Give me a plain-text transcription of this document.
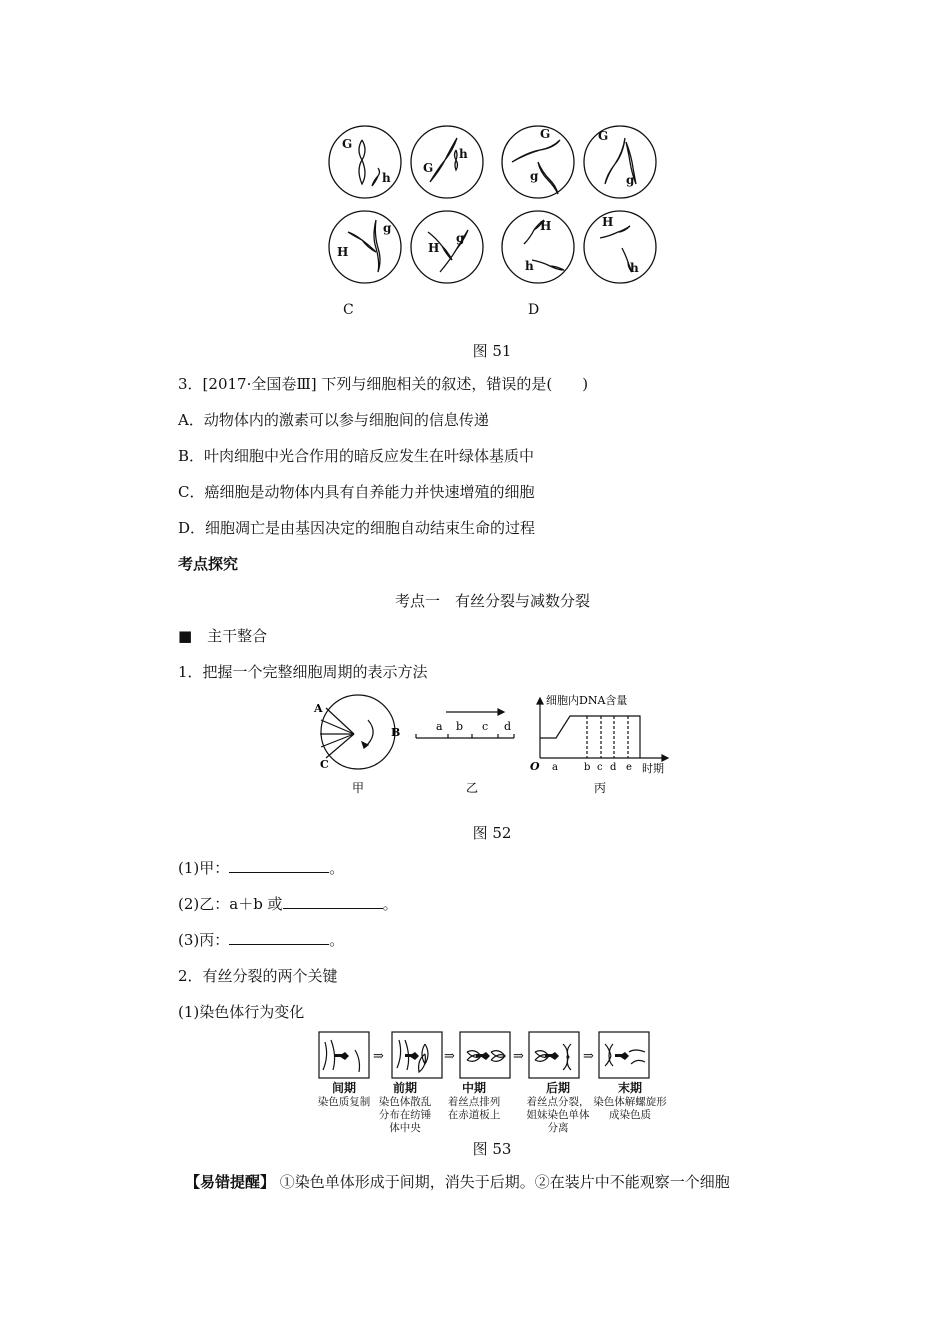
G
h
G
h
G
g
G
g
H
g
H
g
H
h
H
h
C	D
图 51
3．[2017·全国卷Ⅲ] 下列与细胞相关的叙述，错误的是(　　)
A．动物体内的激素可以参与细胞间的信息传递
B．叶肉细胞中光合作用的暗反应发生在叶绿体基质中
C．癌细胞是动物体内具有自养能力并快速增殖的细胞
D．细胞凋亡是由基因决定的细胞自动结束生命的过程
考点探究
考点一　有丝分裂与减数分裂
■　主干整合
1．把握一个完整细胞周期的表示方法
A
B
C
甲
a b c d
乙
细胞内DNA含量
O a	b c d e 时期
丙
图 52
(1)甲：	。
(2)乙：a＋b 或	。
(3)丙：	。
2．有丝分裂的两个关键
(1)染色体行为变化
⇒	⇒	⇒	⇒
间期
染色质复制
前期
染色体散乱分布在纺锤体中央
中期
着丝点排列在赤道板上
后期
着丝点分裂，姐妹染色单体分离
末期
染色体解螺旋形成染色质
图 53
【易错提醒】 ①染色单体形成于间期，消失于后期。②在装片中不能观察一个细胞
